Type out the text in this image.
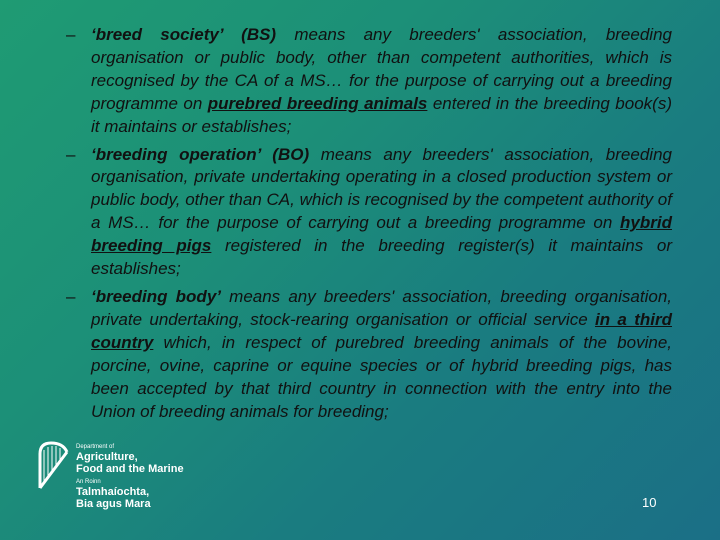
– ‘breed society’ (BS) means any breeders' association, breeding organisation or public body, other than competent authorities, which is recognised by the CA of a MS… for the purpose of carrying out a breeding programme on purebred breeding animals entered in the breeding book(s) it maintains or establishes;
– ‘breeding operation’ (BO) means any breeders' association, breeding organisation, private undertaking operating in a closed production system or public body, other than CA, which is recognised by the competent authority of a MS… for the purpose of carrying out a breeding programme on hybrid breeding pigs registered in the breeding register(s) it maintains or establishes;
– ‘breeding body’ means any breeders' association, breeding organisation, private undertaking, stock-rearing organisation or official service in a third country which, in respect of purebred breeding animals of the bovine, porcine, ovine, caprine or equine species or of hybrid breeding pigs, has been accepted by that third country in connection with the entry into the Union of breeding animals for breeding;
Department of
Agriculture,
Food and the Marine
An Roinn
Talmhaíochta,
Bia agus Mara	10
